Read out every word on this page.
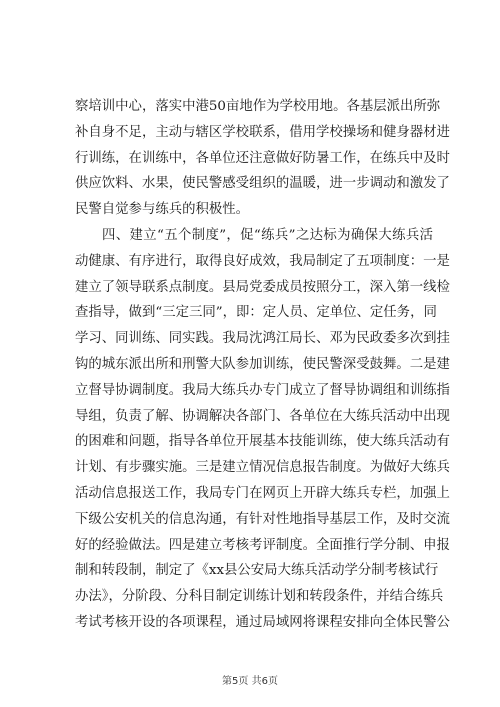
察培训中心，落实中港50亩地作为学校用地。各基层派出所弥
补自身不足，主动与辖区学校联系，借用学校操场和健身器材进
行训练，在训练中，各单位还注意做好防暑工作，在练兵中及时
供应饮料、水果，使民警感受组织的温暖，进一步调动和激发了
民警自觉参与练兵的积极性。
四、建立“五个制度”，促“练兵”之达标为确保大练兵活
动健康、有序进行，取得良好成效，我局制定了五项制度：一是
建立了领导联系点制度。县局党委成员按照分工，深入第一线检
查指导，做到“三定三同”，即：定人员、定单位、定任务，同
学习、同训练、同实践。我局沈鸿江局长、邓为民政委多次到挂
钩的城东派出所和刑警大队参加训练，使民警深受鼓舞。二是建
立督导协调制度。我局大练兵办专门成立了督导协调组和训练指
导组，负责了解、协调解决各部门、各单位在大练兵活动中出现
的困难和问题，指导各单位开展基本技能训练，使大练兵活动有
计划、有步骤实施。三是建立情况信息报告制度。为做好大练兵
活动信息报送工作，我局专门在网页上开辟大练兵专栏，加强上
下级公安机关的信息沟通，有针对性地指导基层工作，及时交流
好的经验做法。四是建立考核考评制度。全面推行学分制、申报
制和转段制，制定了《xx县公安局大练兵活动学分制考核试行
办法》，分阶段、分科目制定训练计划和转段条件，并结合练兵
考试考核开设的各项课程，通过局域网将课程安排向全体民警公
第5页 共6页
